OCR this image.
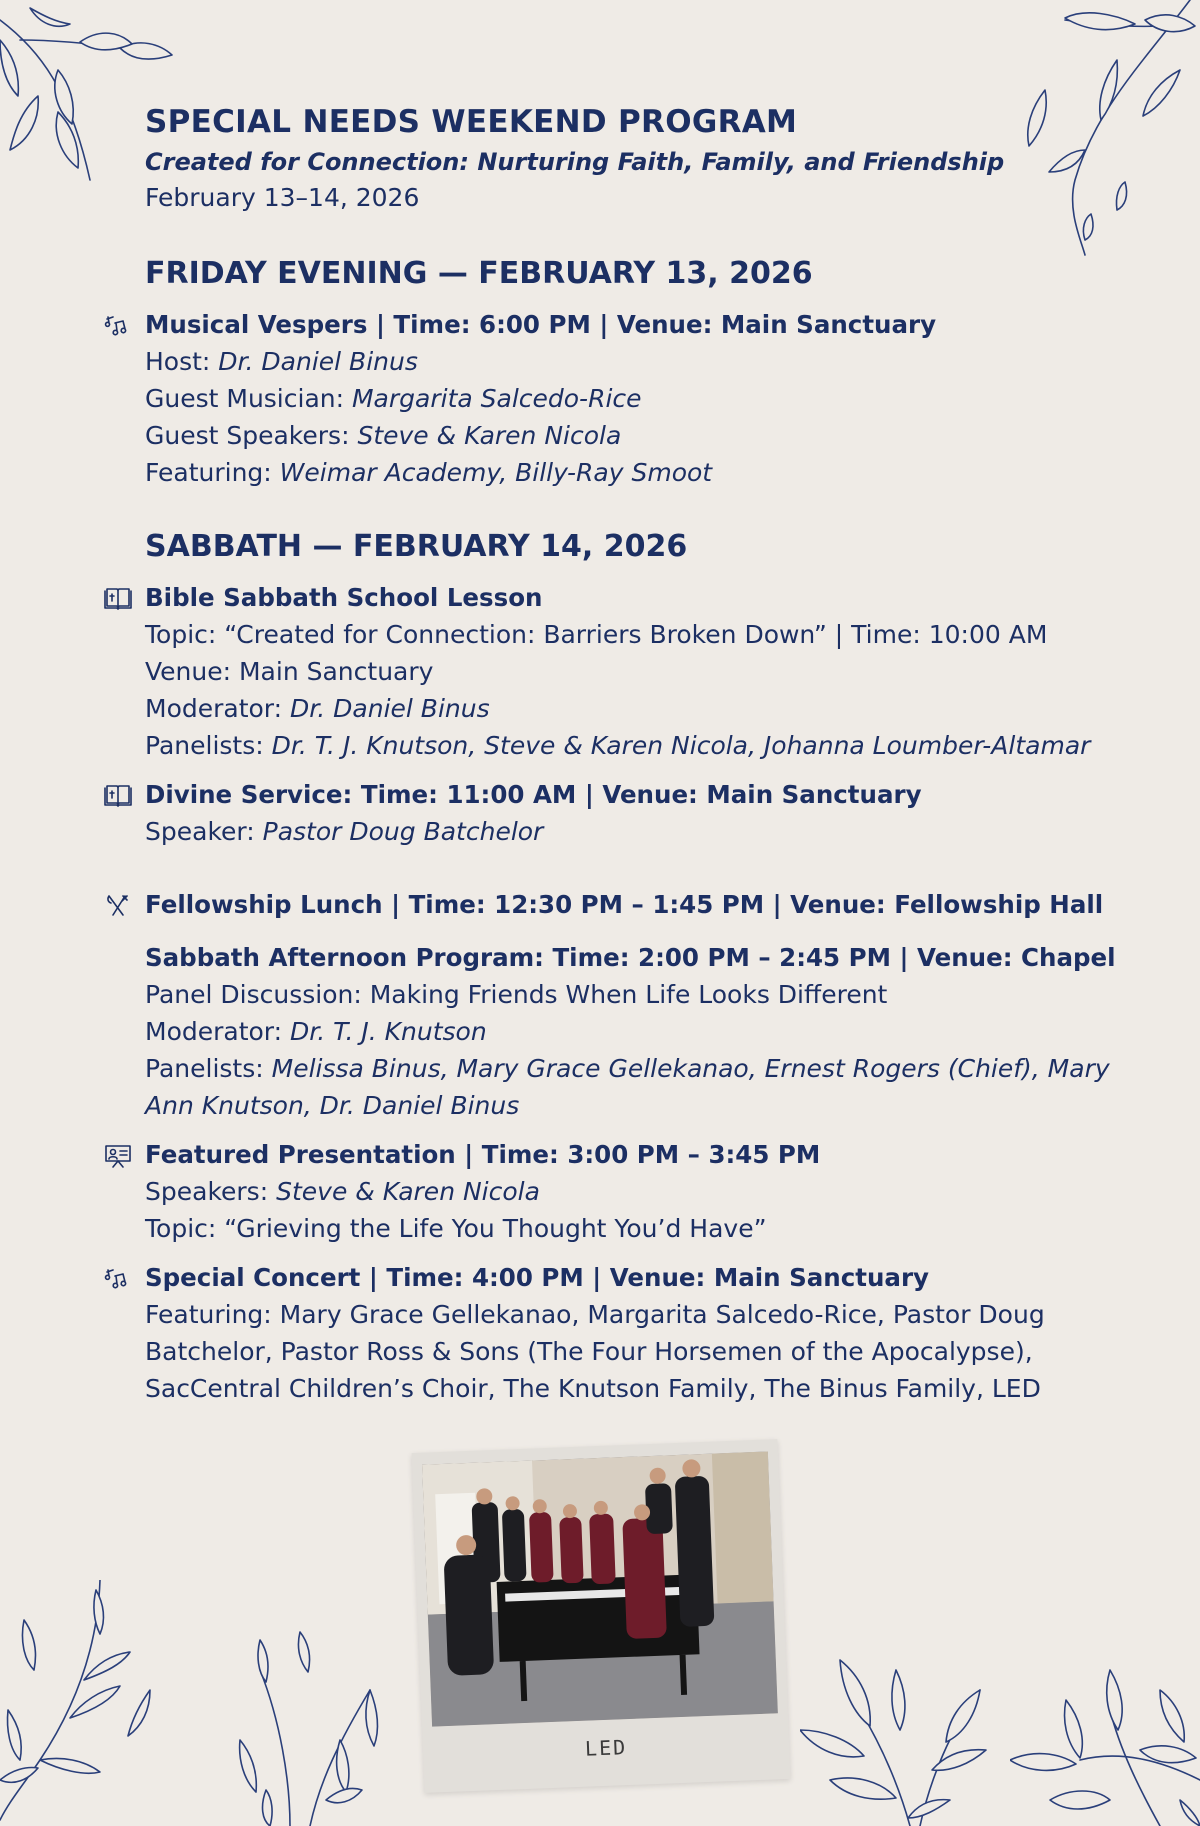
SPECIAL NEEDS WEEKEND PROGRAM

Created for Connection: Nurturing Faith, Family, and Friendship

February 13–14, 2026

FRIDAY EVENING — FEBRUARY 13, 2026

Musical Vespers | Time: 6:00 PM | Venue: Main Sanctuary

Host: Dr. Daniel Binus

Guest Musician: Margarita Salcedo-Rice

Guest Speakers: Steve & Karen Nicola

Featuring: Weimar Academy, Billy-Ray Smoot

SABBATH — FEBRUARY 14, 2026

Bible Sabbath School Lesson

Topic: “Created for Connection: Barriers Broken Down” | Time: 10:00 AM

Venue: Main Sanctuary

Moderator: Dr. Daniel Binus

Panelists: Dr. T. J. Knutson, Steve & Karen Nicola, Johanna Loumber-Altamar

Divine Service: Time: 11:00 AM | Venue: Main Sanctuary

Speaker: Pastor Doug Batchelor

Fellowship Lunch | Time: 12:30 PM – 1:45 PM | Venue: Fellowship Hall

Sabbath Afternoon Program: Time: 2:00 PM – 2:45 PM | Venue: Chapel

Panel Discussion: Making Friends When Life Looks Different

Moderator: Dr. T. J. Knutson

Panelists: Melissa Binus, Mary Grace Gellekanao, Ernest Rogers (Chief), Mary Ann Knutson, Dr. Daniel Binus

Featured Presentation | Time: 3:00 PM – 3:45 PM

Speakers: Steve & Karen Nicola

Topic: “Grieving the Life You Thought You’d Have”

Special Concert | Time: 4:00 PM | Venue: Main Sanctuary

Featuring: Mary Grace Gellekanao, Margarita Salcedo-Rice, Pastor Doug Batchelor, Pastor Ross & Sons (The Four Horsemen of the Apocalypse), SacCentral Children’s Choir, The Knutson Family, The Binus Family, LED

LED
